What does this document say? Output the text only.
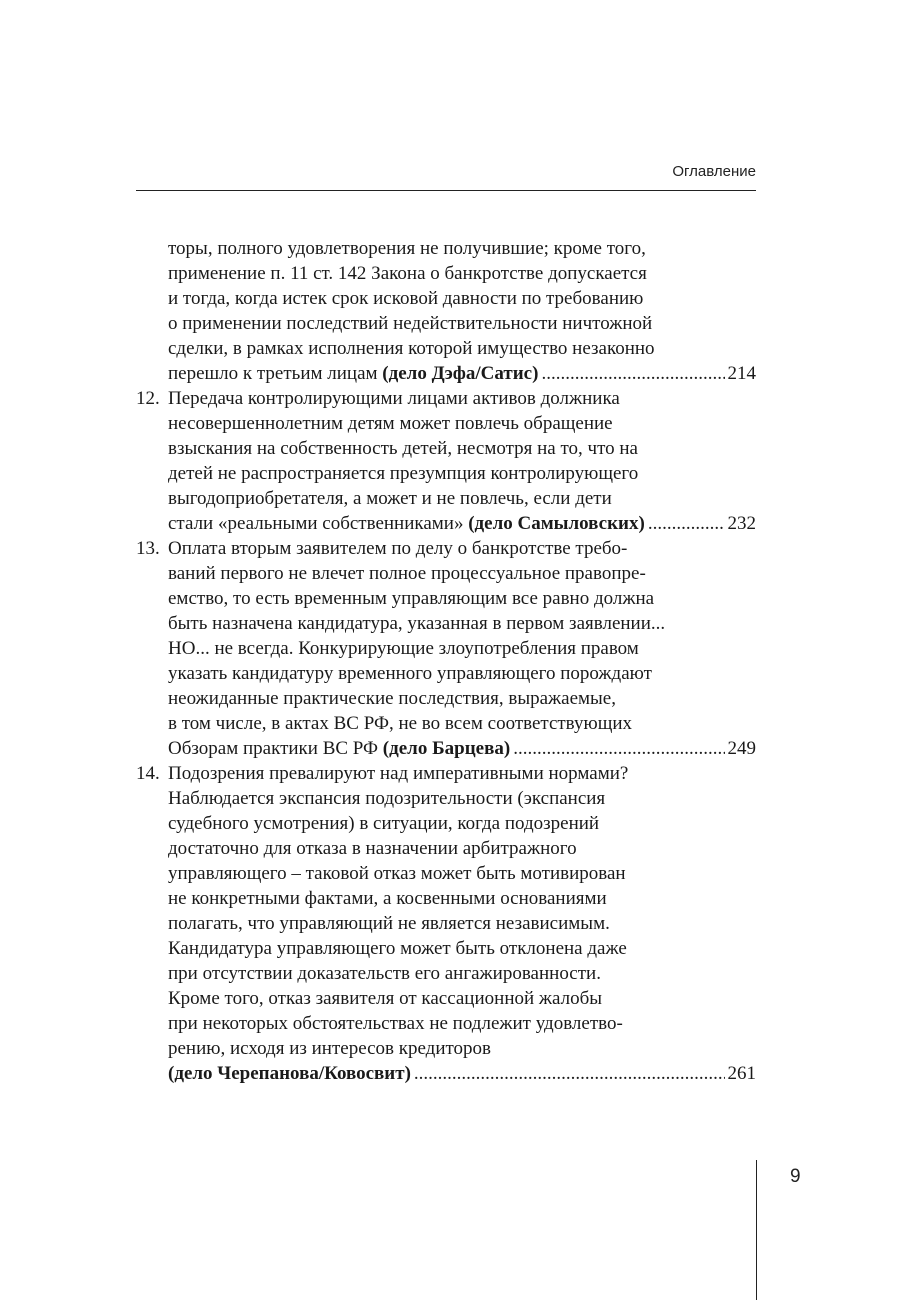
Оглавление
торы, полного удовлетворения не получившие; кроме того,
применение п. 11 ст. 142 Закона о банкротстве допускается
и тогда, когда истек срок исковой давности по требованию
о применении последствий недействительности ничтожной
сделки, в рамках исполнения которой имущество незаконно
перешло к третьим лицам (дело Дэфа/Сатис) .....	214
12. Передача контролирующими лицами активов должника
несовершеннолетним детям может повлечь обращение
взыскания на собственность детей, несмотря на то, что на
детей не распространяется презумпция контролирующего
выгодоприобретателя, а может и не повлечь, если дети
стали «реальными собственниками» (дело Самыловских) .....	232
13. Оплата вторым заявителем по делу о банкротстве требо-
ваний первого не влечет полное процессуальное правопре-
емство, то есть временным управляющим все равно должна
быть назначена кандидатура, указанная в первом заявлении...
НО... не всегда. Конкурирующие злоупотребления правом
указать кандидатуру временного управляющего порождают
неожиданные практические последствия, выражаемые,
в том числе, в актах ВС РФ, не во всем соответствующих
Обзорам практики ВС РФ (дело Барцева) .....	249
14. Подозрения превалируют над императивными нормами?
Наблюдается экспансия подозрительности (экспансия
судебного усмотрения) в ситуации, когда подозрений
достаточно для отказа в назначении арбитражного
управляющего – таковой отказ может быть мотивирован
не конкретными фактами, а косвенными основаниями
полагать, что управляющий не является независимым.
Кандидатура управляющего может быть отклонена даже
при отсутствии доказательств его ангажированности.
Кроме того, отказ заявителя от кассационной жалобы
при некоторых обстоятельствах не подлежит удовлетво-
рению, исходя из интересов кредиторов
(дело Черепанова/Ковосвит) .....	261
9
